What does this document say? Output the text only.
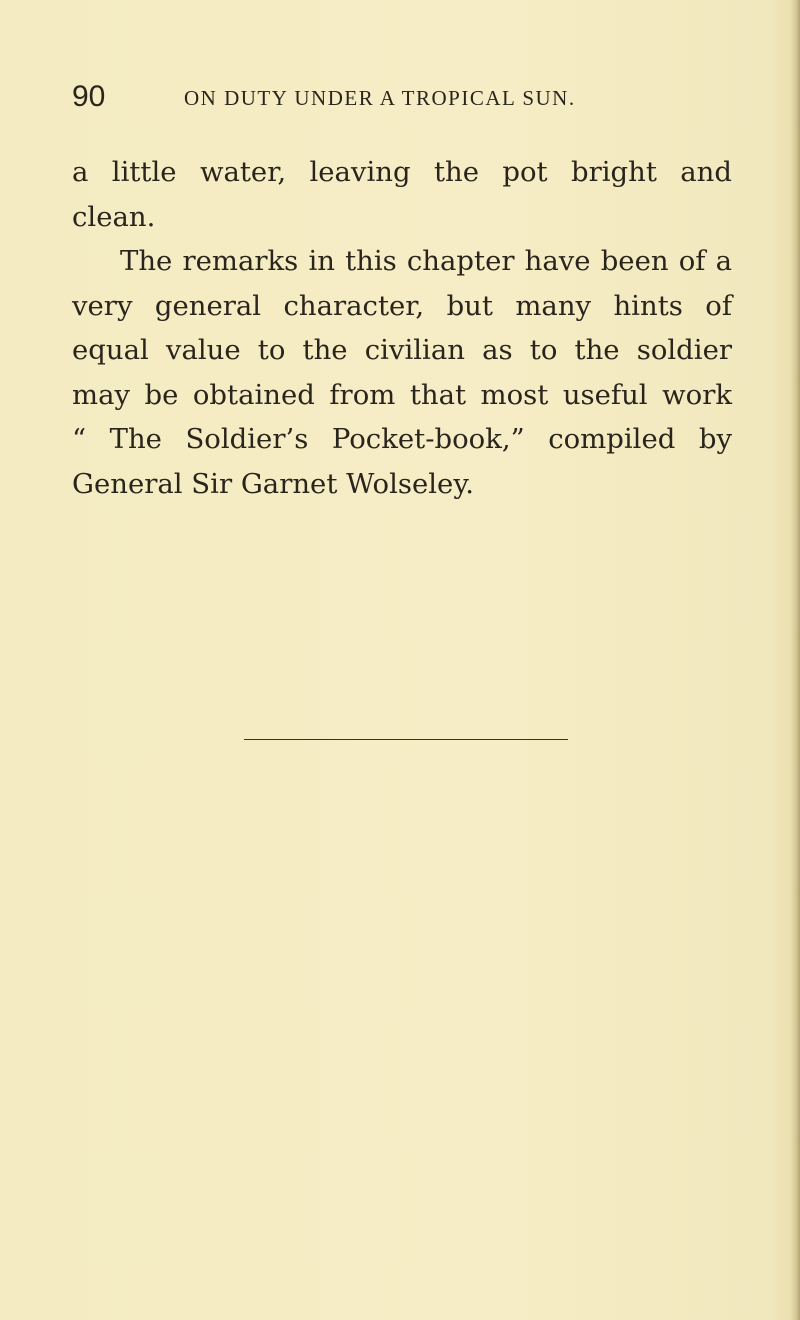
90	ON DUTY UNDER A TROPICAL SUN.
a little water, leaving the pot bright and
clean.
The remarks in this chapter have been of a
very general character, but many hints of
equal value to the civilian as to the soldier
may be obtained from that most useful work
“ The Soldier’s Pocket-book,” compiled by
General Sir Garnet Wolseley.
